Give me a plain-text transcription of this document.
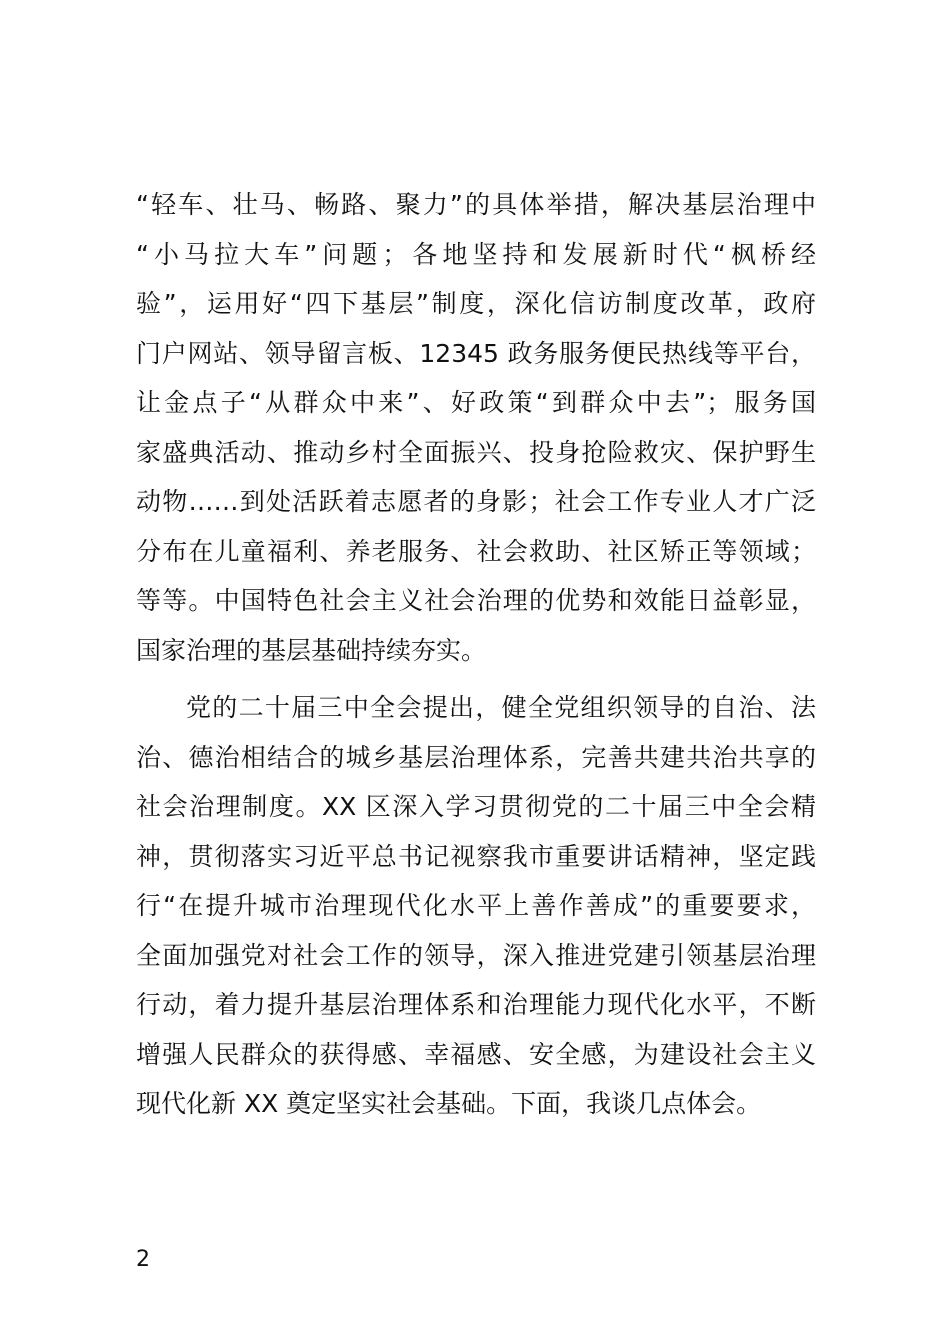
“轻车、壮马、畅路、聚力”的具体举措，解决基层治理中
“小马拉大车”问题；各地坚持和发展新时代“枫桥经
验”，运用好“四下基层”制度，深化信访制度改革，政府
门户网站、领导留言板、12345 政务服务便民热线等平台，
让金点子“从群众中来”、好政策“到群众中去”；服务国
家盛典活动、推动乡村全面振兴、投身抢险救灾、保护野生
动物……到处活跃着志愿者的身影；社会工作专业人才广泛
分布在儿童福利、养老服务、社会救助、社区矫正等领域；
等等。中国特色社会主义社会治理的优势和效能日益彰显，
国家治理的基层基础持续夯实。
党的二十届三中全会提出，健全党组织领导的自治、法
治、德治相结合的城乡基层治理体系，完善共建共治共享的
社会治理制度。XX 区深入学习贯彻党的二十届三中全会精
神，贯彻落实习近平总书记视察我市重要讲话精神，坚定践
行“在提升城市治理现代化水平上善作善成”的重要要求，
全面加强党对社会工作的领导，深入推进党建引领基层治理
行动，着力提升基层治理体系和治理能力现代化水平，不断
增强人民群众的获得感、幸福感、安全感，为建设社会主义
现代化新 XX 奠定坚实社会基础。下面，我谈几点体会。
2
